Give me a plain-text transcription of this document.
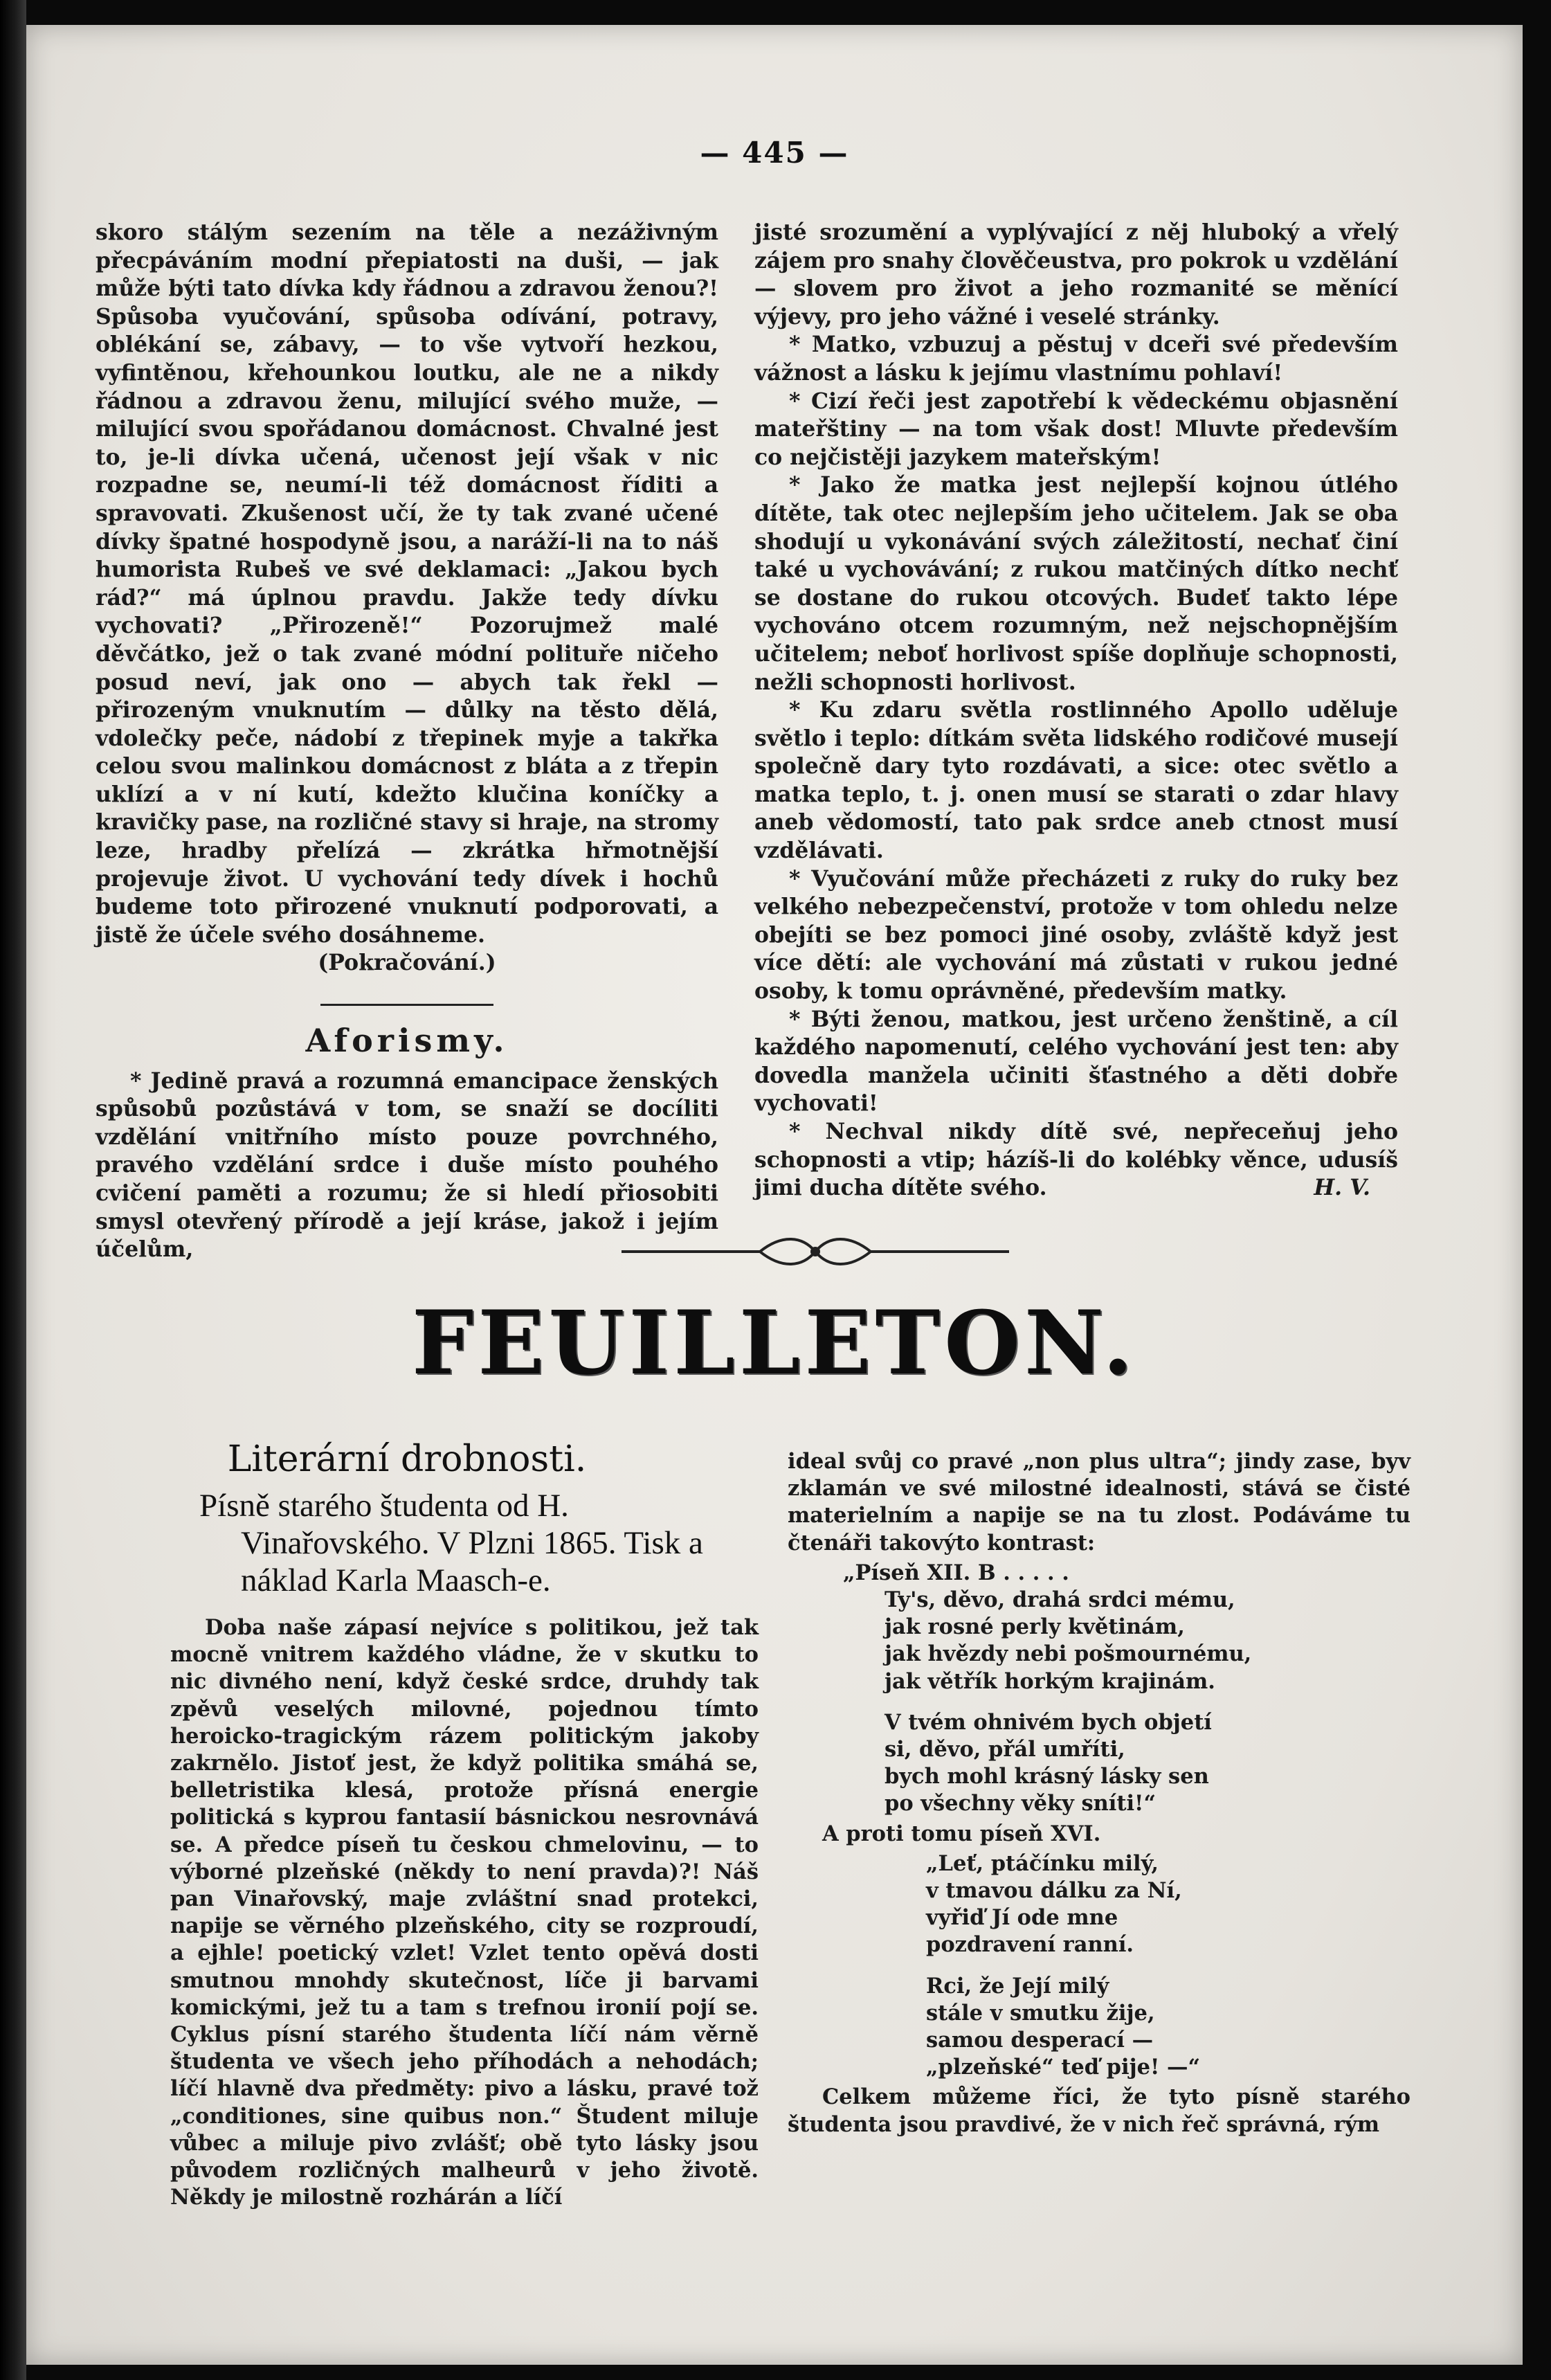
— 445 —

skoro stálým sezením na těle a nezáživným přecpáváním modní přepiatosti na duši, — jak může býti tato dívka kdy řádnou a zdravou ženou?! Spůsoba vyučování, spůsoba odívání, potravy, oblékání se, zábavy, — to vše vytvoří hezkou, vyfintěnou, křehounkou loutku, ale ne a nikdy řádnou a zdravou ženu, milující svého muže, — milující svou spořádanou domácnost. Chvalné jest to, je-li dívka učená, učenost její však v nic rozpadne se, neumí-li též domácnost říditi a spravovati. Zkušenost učí, že ty tak zvané učené dívky špatné hospodyně jsou, a naráží-li na to náš humorista Rubeš ve své deklamaci: „Jakou bych rád?“ má úplnou pravdu. Jakže tedy dívku vychovati? „Přirozeně!“ Pozorujmež malé děvčátko, jež o tak zvané módní polituře ničeho posud neví, jak ono — abych tak řekl — přirozeným vnuknutím — důlky na těsto dělá, vdolečky peče, nádobí z třepinek myje a takřka celou svou malinkou domácnost z bláta a z třepin uklízí a v ní kutí, kdežto klučina koníčky a kravičky pase, na rozličné stavy si hraje, na stromy leze, hradby přelízá — zkrátka hřmotnější projevuje život. U vychování tedy dívek i hochů budeme toto přirozené vnuknutí podporovati, a jistě že účele svého dosáhneme.

(Pokračování.)

Aforismy.

* Jedině pravá a rozumná emancipace ženských spůsobů pozůstává v tom, se snaží se docíliti vzdělání vnitřního místo pouze povrchného, pravého vzdělání srdce i duše místo pouhého cvičení paměti a rozumu; že si hledí přiosobiti smysl otevřený přírodě a její kráse, jakož i jejím účelům,

jisté srozumění a vyplývající z něj hluboký a vřelý zájem pro snahy člověčeustva, pro pokrok u vzdělání — slovem pro život a jeho rozmanité se měnící výjevy, pro jeho vážné i veselé stránky.

* Matko, vzbuzuj a pěstuj v dceři své především vážnost a lásku k jejímu vlastnímu pohlaví!

* Cizí řeči jest zapotřebí k vědeckému objasnění mateřštiny — na tom však dost! Mluvte především co nejčistěji jazykem mateřským!

* Jako že matka jest nejlepší kojnou útlého dítěte, tak otec nejlepším jeho učitelem. Jak se oba shodují u vykonávání svých záležitostí, nechať činí také u vychovávání; z rukou matčiných dítko nechť se dostane do rukou otcových. Budeť takto lépe vychováno otcem rozumným, než nejschopnějším učitelem; neboť horlivost spíše doplňuje schopnosti, nežli schopnosti horlivost.

* Ku zdaru světla rostlinného Apollo uděluje světlo i teplo: dítkám světa lidského rodičové musejí společně dary tyto rozdávati, a sice: otec světlo a matka teplo, t. j. onen musí se starati o zdar hlavy aneb vědomostí, tato pak srdce aneb ctnost musí vzdělávati.

* Vyučování může přecházeti z ruky do ruky bez velkého nebezpečenství, protože v tom ohledu nelze obejíti se bez pomoci jiné osoby, zvláště když jest více dětí: ale vychování má zůstati v rukou jedné osoby, k tomu oprávněné, především matky.

* Býti ženou, matkou, jest určeno ženštině, a cíl každého napomenutí, celého vychování jest ten: aby dovedla manžela učiniti šťastného a děti dobře vychovati!

* Nechval nikdy dítě své, nepřeceňuj jeho schopnosti a vtip; házíš-li do kolébky věnce, udusíš jimi ducha dítěte svého.	H. V.

FEUILLETON.
Literární drobnosti.
Písně starého študenta od H. Vinařovského. V Plzni 1865. Tisk a náklad Karla Maasch-e.

Doba naše zápasí nejvíce s politikou, jež tak mocně vnitrem každého vládne, že v skutku to nic divného není, když české srdce, druhdy tak zpěvů veselých milovné, pojednou tímto heroicko-tragickým rázem politickým jakoby zakrnělo. Jistoť jest, že když politika smáhá se, belletristika klesá, protože přísná energie politická s kyprou fantasií básnickou nesrovnává se. A předce píseň tu českou chmelovinu, — to výborné plzeňské (někdy to není pravda)?! Náš pan Vinařovský, maje zvláštní snad protekci, napije se věrného plzeňského, city se rozproudí, a ejhle! poetický vzlet! Vzlet tento opěvá dosti smutnou mnohdy skutečnost, líče ji barvami komickými, jež tu a tam s trefnou ironií pojí se. Cyklus písní starého študenta líčí nám věrně študenta ve všech jeho příhodách a nehodách; líčí hlavně dva předměty: pivo a lásku, pravé tož „conditiones, sine quibus non.“ Študent miluje vůbec a miluje pivo zvlášť; obě tyto lásky jsou původem rozličných malheurů v jeho životě. Někdy je milostně rozhárán a líčí

ideal svůj co pravé „non plus ultra“; jindy zase, byv zklamán ve své milostné idealnosti, stává se čisté materielním a napije se na tu zlost. Podáváme tu čtenáři takovýto kontrast:

„Píseň XII. B . . . . .
Ty's, děvo, drahá srdci mému,
jak rosné perly květinám,
jak hvězdy nebi pošmournému,
jak větřík horkým krajinám.
V tvém ohnivém bych objetí
si, děvo, přál umříti,
bych mohl krásný lásky sen
po všechny věky sníti!“

A proti tomu píseň XVI.

„Leť, ptáčínku milý,
v tmavou dálku za Ní,
vyřiď Jí ode mne
pozdravení ranní.
Rci, že Její milý
stále v smutku žije,
samou desperací —
„plzeňské“ teď pije! —“

Celkem můžeme říci, že tyto písně starého študenta jsou pravdivé, že v nich řeč správná, rým
